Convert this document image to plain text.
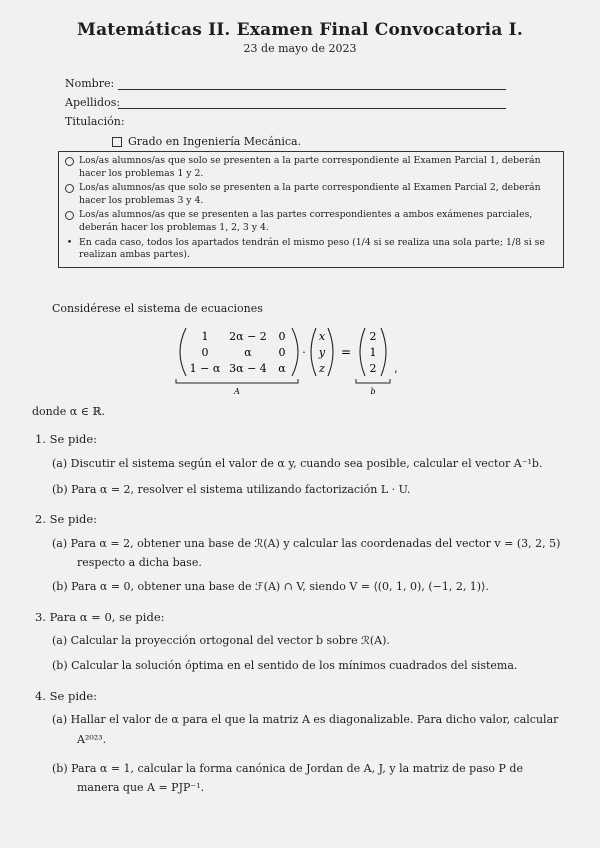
Matemáticas II. Examen Final Convocatoria I.
23 de mayo de 2023
Nombre:
Apellidos:
Titulación:
Grado en Ingeniería Mecánica.
Los/as alumnos/as que solo se presenten a la parte correspondiente al Examen Parcial 1, deberán hacer los problemas 1 y 2.
Los/as alumnos/as que solo se presenten a la parte correspondiente al Examen Parcial 2, deberán hacer los problemas 3 y 4.
Los/as alumnos/as que se presenten a las partes correspondientes a ambos exámenes parciales, deberán hacer los problemas 1, 2, 3 y 4.
• En cada caso, todos los apartados tendrán el mismo peso (1/4 si se realiza una sola parte; 1/8 si se realizan ambas partes).
Considérese el sistema de ecuaciones
1 2α − 2 0
0	α 0
1 − α 3α − 4 α
A
·
x
y
z
=
2
1
2 ,
b
donde α ∈ ℝ.
1. Se pide:
(a) Discutir el sistema según el valor de α y, cuando sea posible, calcular el vector A⁻¹b.
(b) Para α = 2, resolver el sistema utilizando factorización L · U.
2. Se pide:
(a) Para α = 2, obtener una base de ℛ(A) y calcular las coordenadas del vector v = (3, 2, 5)
respecto a dicha base.
(b) Para α = 0, obtener una base de ℱ(A) ∩ V, siendo V = ⟨(0, 1, 0), (−1, 2, 1)⟩.
3. Para α = 0, se pide:
(a) Calcular la proyección ortogonal del vector b sobre ℛ(A).
(b) Calcular la solución óptima en el sentido de los mínimos cuadrados del sistema.
4. Se pide:
(a) Hallar el valor de α para el que la matriz A es diagonalizable. Para dicho valor, calcular
A²⁰²³.
(b) Para α = 1, calcular la forma canónica de Jordan de A, J, y la matriz de paso P de
manera que A = PJP⁻¹.
